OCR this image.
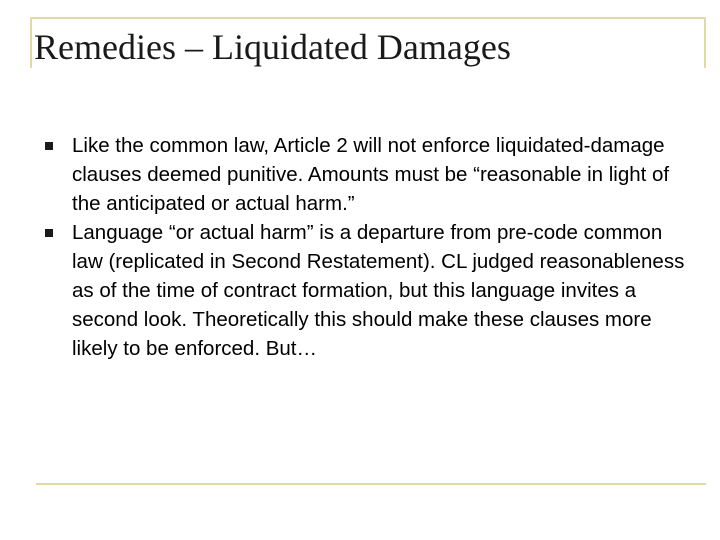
Remedies – Liquidated Damages
Like the common law, Article 2 will not enforce liquidated-damage clauses deemed punitive. Amounts must be “reasonable in light of the anticipated or actual harm.”
Language “or actual harm” is a departure from pre-code common law (replicated in Second Restatement). CL judged reasonableness as of the time of contract formation, but this language invites a second look. Theoretically this should make these clauses more likely to be enforced. But…
